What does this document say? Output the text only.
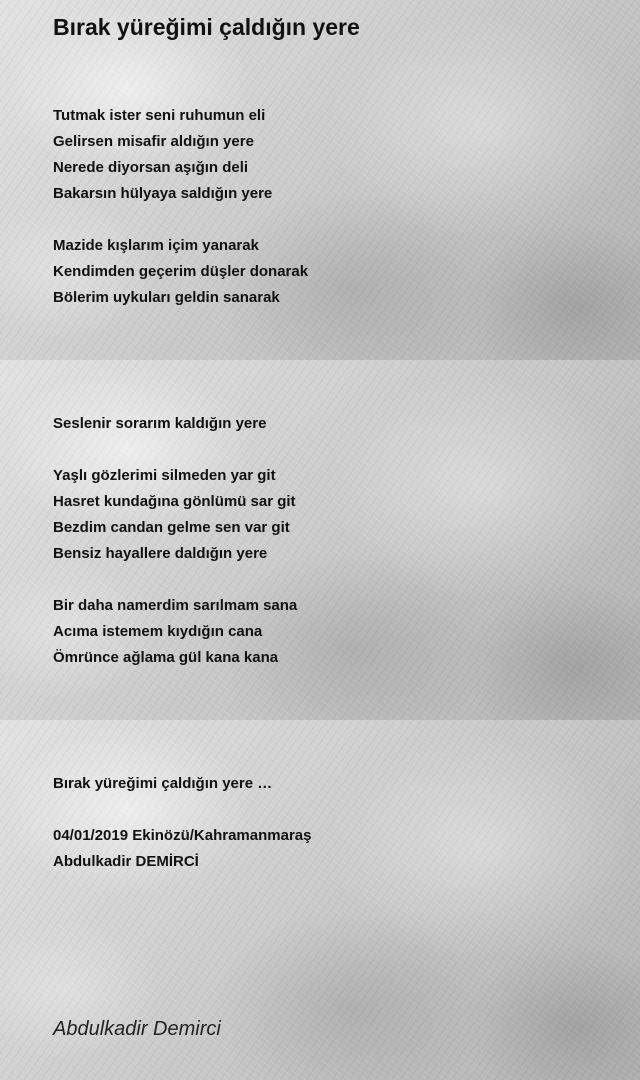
Bırak yüreğimi çaldığın yere

Tutmak ister seni ruhumun eli
Gelirsen misafir aldığın yere
Nerede diyorsan aşığın deli
Bakarsın hülyaya saldığın yere

Mazide kışlarım içim yanarak
Kendimden geçerim düşler donarak
Bölerim uykuları geldin sanarak

Seslenir sorarım kaldığın yere

Yaşlı gözlerimi silmeden yar git
Hasret kundağına gönlümü sar git
Bezdim candan gelme sen var git
Bensiz hayallere daldığın yere

Bir daha namerdim sarılmam sana
Acıma istemem kıydığın cana
Ömrünce ağlama gül kana kana

Bırak yüreğimi çaldığın yere …

04/01/2019 Ekinözü/Kahramanmaraş
Abdulkadir DEMİRCİ

Abdulkadir Demirci
